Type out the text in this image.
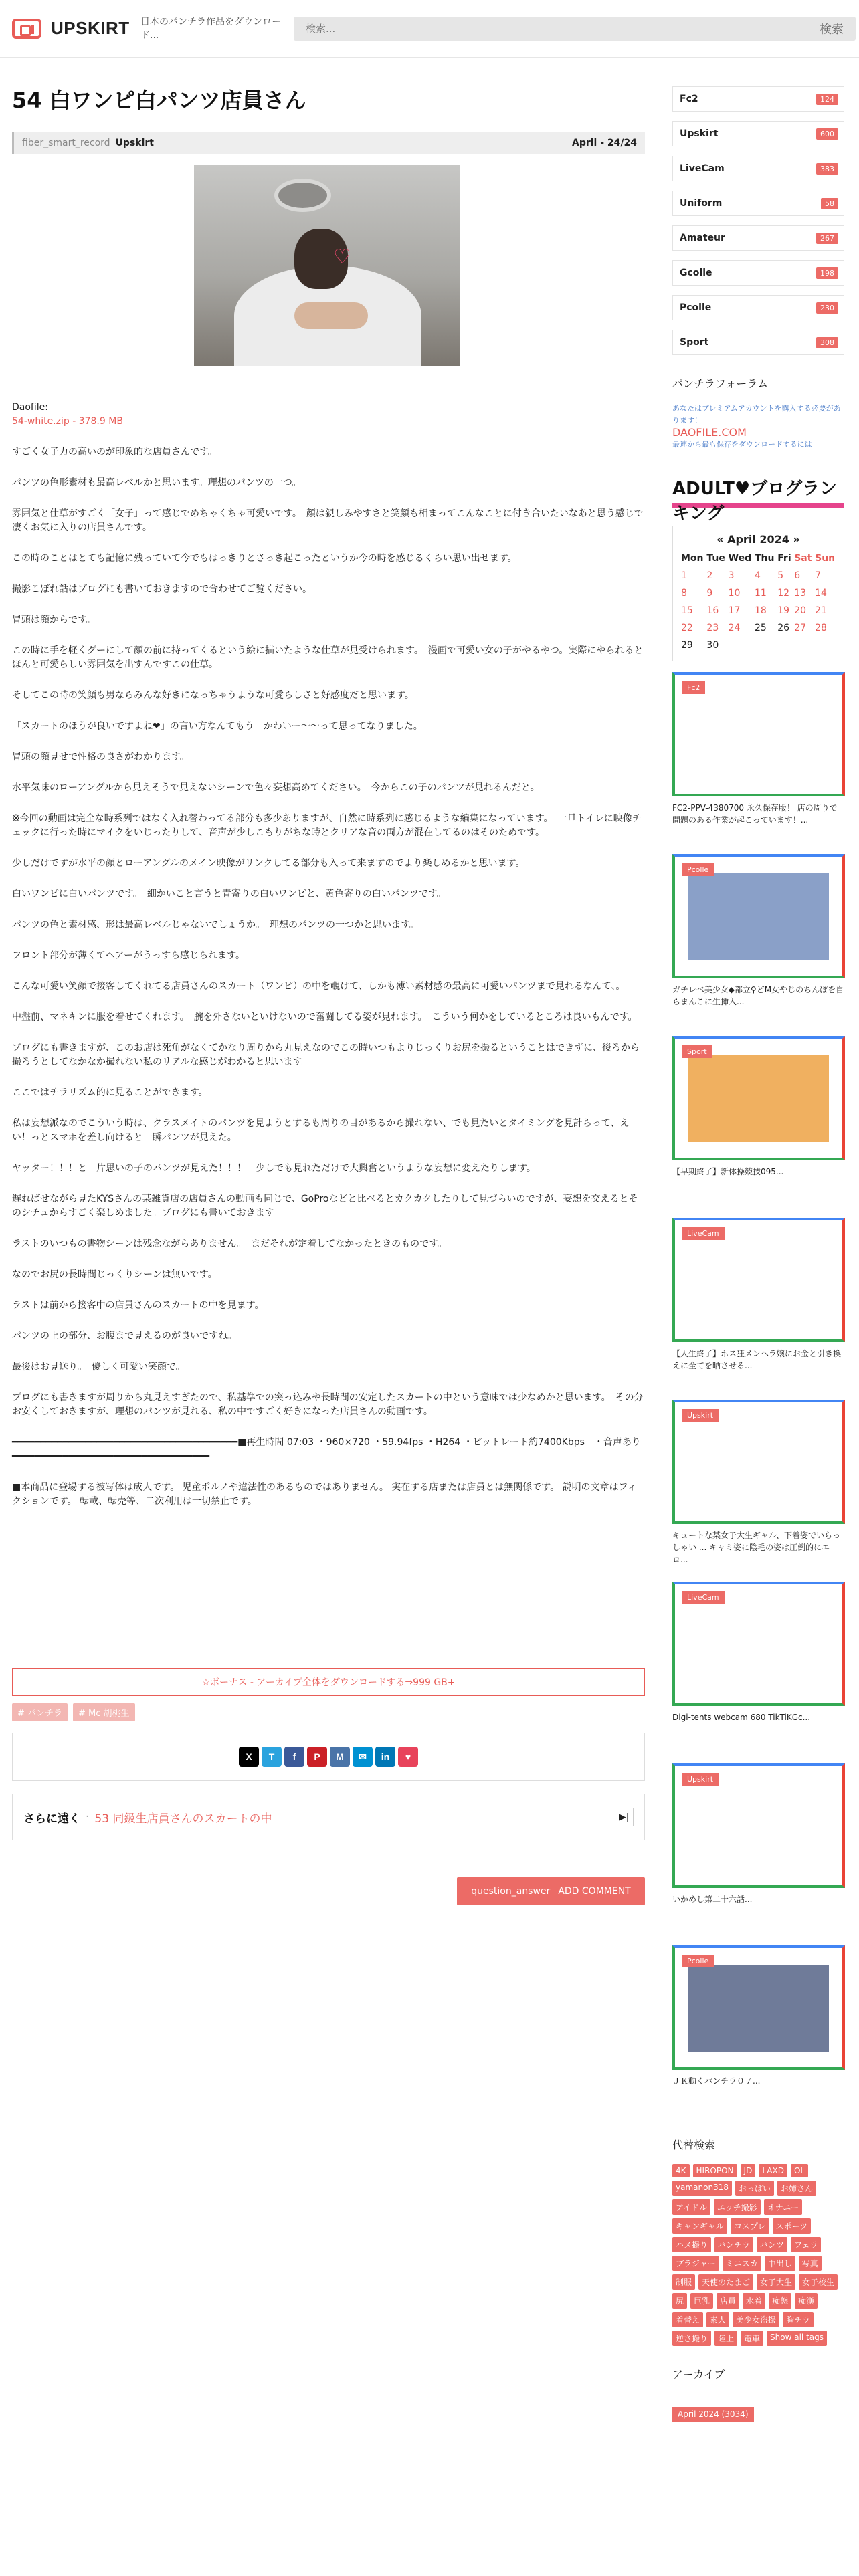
UPSKIRT 日本のパンチラ作品をダウンロード...
検索...	検索
54 白ワンピ白パンツ店員さん
fiber_smart_record Upskirt	April - 24/24
♡

Daofile:
54-white.zip - 378.9 MB

すごく女子力の高いのが印象的な店員さんです。

パンツの色形素材も最高レベルかと思います。理想のパンツの一つ。

雰囲気と仕草がすごく「女子」って感じでめちゃくちゃ可愛いです。　顔は親しみやすさと笑顔も相まってこんなことに付き合いたいなあと思う感じで凄くお気に入りの店員さんです。

この時のことはとても記憶に残っていて今でもはっきりとさっき起こったというか今の時を感じるくらい思い出せます。

撮影こぼれ話はブログにも書いておきますので合わせてご覧ください。

冒頭は顔からです。

この時に手を軽くグーにして顔の前に持ってくるという絵に描いたような仕草が見受けられます。　漫画で可愛い女の子がやるやつ。実際にやられるとほんと可愛らしい雰囲気を出すんですこの仕草。

そしてこの時の笑顔も男ならみんな好きになっちゃうような可愛らしさと好感度だと思います。

「スカートのほうが良いですよね❤」の言い方なんてもう　かわいー〜〜って思ってなりました。

冒頭の顔見せで性格の良さがわかります。

水平気味のローアングルから見えそうで見えないシーンで色々妄想高めてください。　今からこの子のパンツが見れるんだと。

※今回の動画は完全な時系列ではなく入れ替わってる部分も多少ありますが、自然に時系列に感じるような編集になっています。　一旦トイレに映像チェックに行った時にマイクをいじったりして、音声が少しこもりがちな時とクリアな音の両方が混在してるのはそのためです。

少しだけですが水平の顔とローアングルのメイン映像がリンクしてる部分も入って来ますのでより楽しめるかと思います。

白いワンピに白いパンツです。　細かいこと言うと青寄りの白いワンピと、黄色寄りの白いパンツです。

パンツの色と素材感、形は最高レベルじゃないでしょうか。　理想のパンツの一つかと思います。

フロント部分が薄くてヘアーがうっすら感じられます。

こんな可愛い笑顔で接客してくれてる店員さんのスカート（ワンピ）の中を覗けて、しかも薄い素材感の最高に可愛いパンツまで見れるなんて、。

中盤前、マネキンに服を着せてくれます。　腕を外さないといけないので奮闘してる姿が見れます。　こういう何かをしているところは良いもんです。

ブログにも書きますが、このお店は死角がなくてかなり周りから丸見えなのでこの時いつもよりじっくりお尻を撮るということはできずに、後ろから撮ろうとしてなかなか撮れない私のリアルな感じがわかると思います。

ここではチラリズム的に見ることができます。

私は妄想派なのでこういう時は、クラスメイトのパンツを見ようとするも周りの目があるから撮れない、でも見たいとタイミングを見計らって、えい！っとスマホを差し向けると一瞬パンツが見えた。

ヤッター！！！と　片思いの子のパンツが見えた！！！　少しでも見れただけで大興奮というような妄想に変えたりします。

遅ればせながら見たKYSさんの某雑貨店の店員さんの動画も同じで、GoProなどと比べるとカクカクしたりして見づらいのですが、妄想を交えるとそのシチュからすごく楽しめました。ブログにも書いておきます。

ラストのいつもの書物シーンは残念ながらありません。　まだそれが定着してなかったときのものです。

なのでお尻の長時間じっくりシーンは無いです。

ラストは前から接客中の店員さんのスカートの中を見ます。

パンツの上の部分、お腹まで見えるのが良いですね。

最後はお見送り。　優しく可愛い笑顔で。

ブログにも書きますが周りから丸見えすぎたので、私基準での突っ込みや長時間の安定したスカートの中という意味では少なめかと思います。　その分お安くしておきますが、理想のパンツが見れる、私の中ですごく好きになった店員さんの動画です。

━━━━━━━━━━━━━━━━━━━━━━━━━━━━━━━━━━━━━━━━■再生時間 07:03 ・960×720 ・59.94fps ・H264 ・ビットレート約7400Kbps　・音声あり　━━━━━━━━━━━━━━━━━━━━━━━━━━━━━━━━━━━

■本商品に登場する被写体は成人です。 児童ポルノや違法性のあるものではありません。 実在する店または店員とは無関係です。 説明の文章はフィクションです。 転載、転売等、二次利用は一切禁止です。

☆ボーナス - アーカイブ全体をダウンロードする⇒999 GB+
# パンチラ	# Mc 胡桃生
X	T	f	P	M	✉	in	♥
さらに遠く · 53 同級生店員さんのスカートの中	▶|
question_answer ADD COMMENT
Fc2	124
Upskirt	600
LiveCam	383
Uniform	58
Amateur	267
Gcolle	198
Pcolle	230
Sport	308
パンチラフォーラム
あなたはプレミアムアカウントを購入する必要があります！
DAOFILE.COM
最速から最も保存をダウンロードするには
ADULT♥ブログランキング
« April 2024 »
Mon	Tue	Wed	Thu	Fri	Sat	Sun
1	2	3	4	5	6	7
8	9	10	11	12	13	14
15	16	17	18	19	20	21
22	23	24	25	26	27	28
29	30					
Fc2
FC2-PPV-4380700 永久保存版！ 店の周りで問題のある作業が起こっています！...
Pcolle
ガチレベ美少女◆都立♀どM女やじのちんぽを自らまんこに生挿入...
Sport
【早期終了】新体操競技095...
LiveCam
【人生終了】ホス狂メンヘラ嬢にお金と引き換えに全てを晒させる...
Upskirt
キュートな某女子大生ギャル、下着姿でいらっしゃい ... キャミ姿に陰毛の姿は圧倒的にエロ...
LiveCam
Digi-tents webcam 680 TikTiKGc...
Upskirt
いかめし第二十六話...
Pcolle
ＪＫ動くパンチラ０７...
代替検索
4K	HIROPON	JD	LAXD	OL
yamanon318	おっぱい	お姉さん
アイドル	エッチ撮影	オナニー
キャンギャル	コスプレ	スポーツ
ハメ撮り	パンチラ	パンツ	フェラ
ブラジャー	ミニスカ	中出し	写真
制服	天使のたまご	女子大生	女子校生
尻	巨乳	店員	水着	痴態	痴漢
着替え	素人	美少女盗撮	胸チラ
逆さ撮り	陸上	電車	Show all tags
アーカイブ
April 2024 (3034)
